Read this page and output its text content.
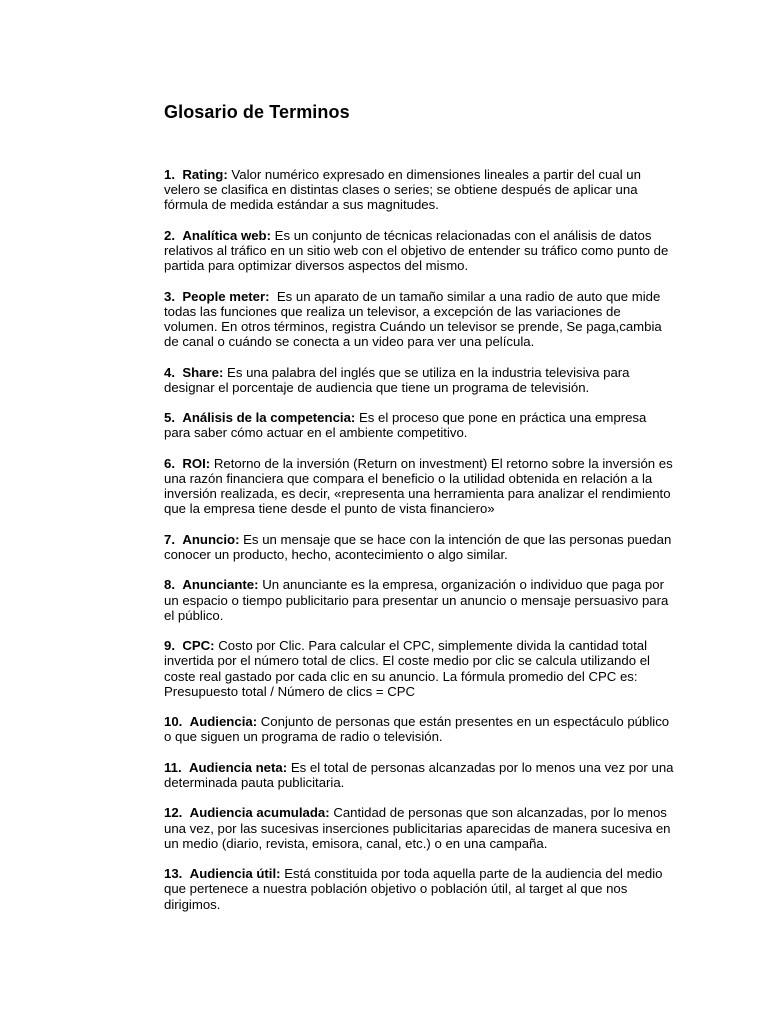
Glosario de Terminos
1. Rating: Valor numérico expresado en dimensiones lineales a partir del cual un velero se clasifica en distintas clases o series; se obtiene después de aplicar una fórmula de medida estándar a sus magnitudes.
2. Analítica web: Es un conjunto de técnicas relacionadas con el análisis de datos relativos al tráfico en un sitio web con el objetivo de entender su tráfico como punto de partida para optimizar diversos aspectos del mismo.
3. People meter: Es un aparato de un tamaño similar a una radio de auto que mide todas las funciones que realiza un televisor, a excepción de las variaciones de volumen. En otros términos, registra Cuándo un televisor se prende, Se paga,cambia de canal o cuándo se conecta a un video para ver una película.
4. Share: Es una palabra del inglés que se utiliza en la industria televisiva para designar el porcentaje de audiencia que tiene un programa de televisión.
5. Análisis de la competencia: Es el proceso que pone en práctica una empresa para saber cómo actuar en el ambiente competitivo.
6. ROI: Retorno de la inversión (Return on investment) El retorno sobre la inversión es una razón financiera que compara el beneficio o la utilidad obtenida en relación a la inversión realizada, es decir, «representa una herramienta para analizar el rendimiento que la empresa tiene desde el punto de vista financiero»
7. Anuncio: Es un mensaje que se hace con la intención de que las personas puedan conocer un producto, hecho, acontecimiento o algo similar.
8. Anunciante: Un anunciante es la empresa, organización o individuo que paga por un espacio o tiempo publicitario para presentar un anuncio o mensaje persuasivo para el público.
9. CPC: Costo por Clic. Para calcular el CPC, simplemente divida la cantidad total invertida por el número total de clics. El coste medio por clic se calcula utilizando el coste real gastado por cada clic en su anuncio. La fórmula promedio del CPC es: Presupuesto total / Número de clics = CPC
10. Audiencia: Conjunto de personas que están presentes en un espectáculo público o que siguen un programa de radio o televisión.
11. Audiencia neta: Es el total de personas alcanzadas por lo menos una vez por una determinada pauta publicitaria.
12. Audiencia acumulada: Cantidad de personas que son alcanzadas, por lo menos una vez, por las sucesivas inserciones publicitarias aparecidas de manera sucesiva en un medio (diario, revista, emisora, canal, etc.) o en una campaña.
13. Audiencia útil: Está constituida por toda aquella parte de la audiencia del medio que pertenece a nuestra población objetivo o población útil, al target al que nos dirigimos.
